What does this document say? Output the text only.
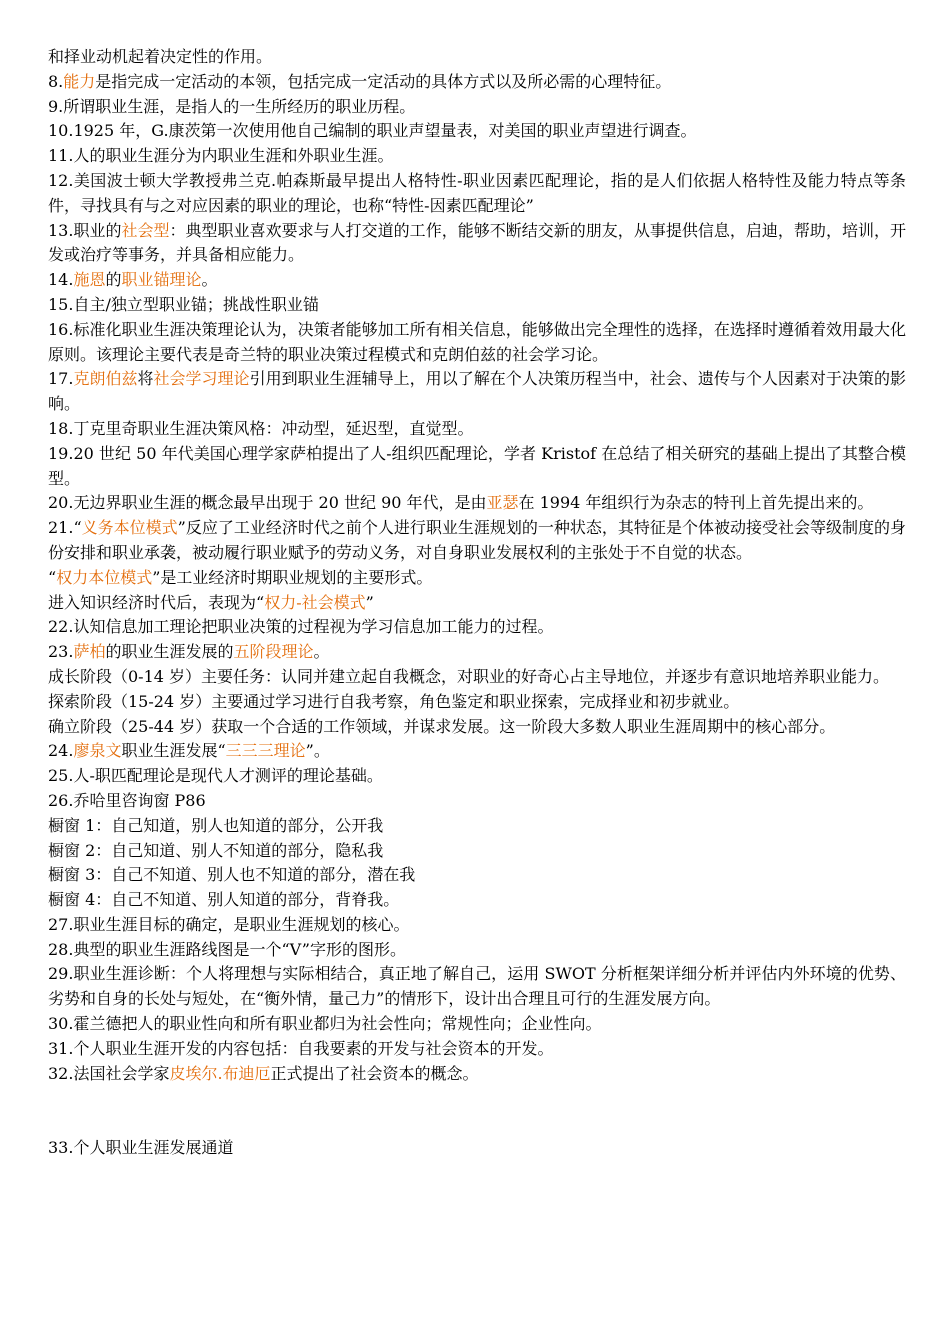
和择业动机起着决定性的作用。

8.能力是指完成一定活动的本领，包括完成一定活动的具体方式以及所必需的心理特征。

9.所谓职业生涯，是指人的一生所经历的职业历程。

10.1925 年，G.康茨第一次使用他自己编制的职业声望量表，对美国的职业声望进行调查。

11.人的职业生涯分为内职业生涯和外职业生涯。

12.美国波士顿大学教授弗兰克.帕森斯最早提出人格特性-职业因素匹配理论，指的是人们依据人格特性及能力特点等条件，寻找具有与之对应因素的职业的理论，也称“特性-因素匹配理论”

13.职业的社会型：典型职业喜欢要求与人打交道的工作，能够不断结交新的朋友，从事提供信息，启迪，帮助，培训，开发或治疗等事务，并具备相应能力。

14.施恩的职业锚理论。

15.自主/独立型职业锚；挑战性职业锚

16.标准化职业生涯决策理论认为，决策者能够加工所有相关信息，能够做出完全理性的选择，在选择时遵循着效用最大化原则。该理论主要代表是奇兰特的职业决策过程模式和克朗伯兹的社会学习论。

17.克朗伯兹将社会学习理论引用到职业生涯辅导上，用以了解在个人决策历程当中，社会、遗传与个人因素对于决策的影响。

18.丁克里奇职业生涯决策风格：冲动型，延迟型，直觉型。

19.20 世纪 50 年代美国心理学家萨柏提出了人-组织匹配理论，学者 Kristof 在总结了相关研究的基础上提出了其整合模型。

20.无边界职业生涯的概念最早出现于 20 世纪 90 年代，是由亚瑟在 1994 年组织行为杂志的特刊上首先提出来的。

21.“义务本位模式”反应了工业经济时代之前个人进行职业生涯规划的一种状态，其特征是个体被动接受社会等级制度的身份安排和职业承袭，被动履行职业赋予的劳动义务，对自身职业发展权利的主张处于不自觉的状态。

“权力本位模式”是工业经济时期职业规划的主要形式。

进入知识经济时代后，表现为“权力-社会模式”

22.认知信息加工理论把职业决策的过程视为学习信息加工能力的过程。

23.萨柏的职业生涯发展的五阶段理论。

成长阶段（0-14 岁）主要任务：认同并建立起自我概念，对职业的好奇心占主导地位，并逐步有意识地培养职业能力。

探索阶段（15-24 岁）主要通过学习进行自我考察，角色鉴定和职业探索，完成择业和初步就业。

确立阶段（25-44 岁）获取一个合适的工作领域，并谋求发展。这一阶段大多数人职业生涯周期中的核心部分。

24.廖泉文职业生涯发展“三三三理论”。

25.人-职匹配理论是现代人才测评的理论基础。

26.乔哈里咨询窗 P86

橱窗 1：自己知道，别人也知道的部分，公开我

橱窗 2：自己知道、别人不知道的部分，隐私我

橱窗 3：自己不知道、别人也不知道的部分，潜在我

橱窗 4：自己不知道、别人知道的部分，背脊我。

27.职业生涯目标的确定，是职业生涯规划的核心。

28.典型的职业生涯路线图是一个“V”字形的图形。

29.职业生涯诊断：个人将理想与实际相结合，真正地了解自己，运用 SWOT 分析框架详细分析并评估内外环境的优势、劣势和自身的长处与短处，在“衡外情，量己力”的情形下，设计出合理且可行的生涯发展方向。

30.霍兰德把人的职业性向和所有职业都归为社会性向；常规性向；企业性向。

31.个人职业生涯开发的内容包括：自我要素的开发与社会资本的开发。

32.法国社会学家皮埃尔.布迪厄正式提出了社会资本的概念。

33.个人职业生涯发展通道
